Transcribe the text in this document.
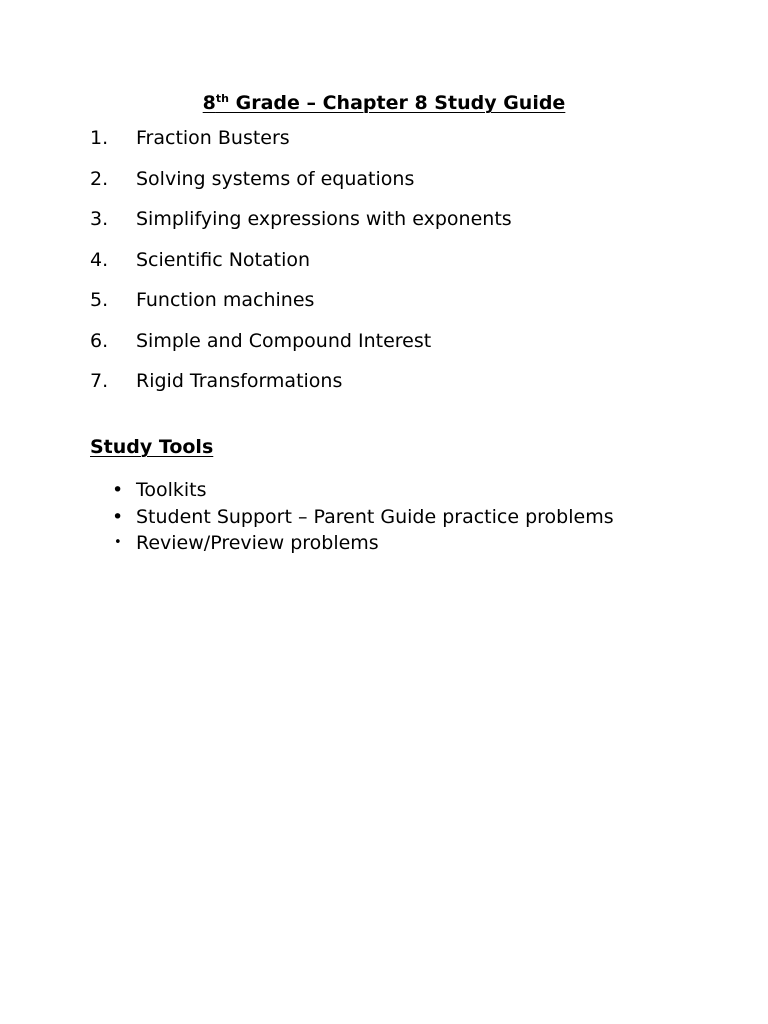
8th Grade – Chapter 8 Study Guide
1.	Fraction Busters
2.	Solving systems of equations
3.	Simplifying expressions with exponents
4.	Scientific Notation
5.	Function machines
6.	Simple and Compound Interest
7.	Rigid Transformations
Study Tools
• Toolkits
• Student Support – Parent Guide practice problems
• Review/Preview problems
